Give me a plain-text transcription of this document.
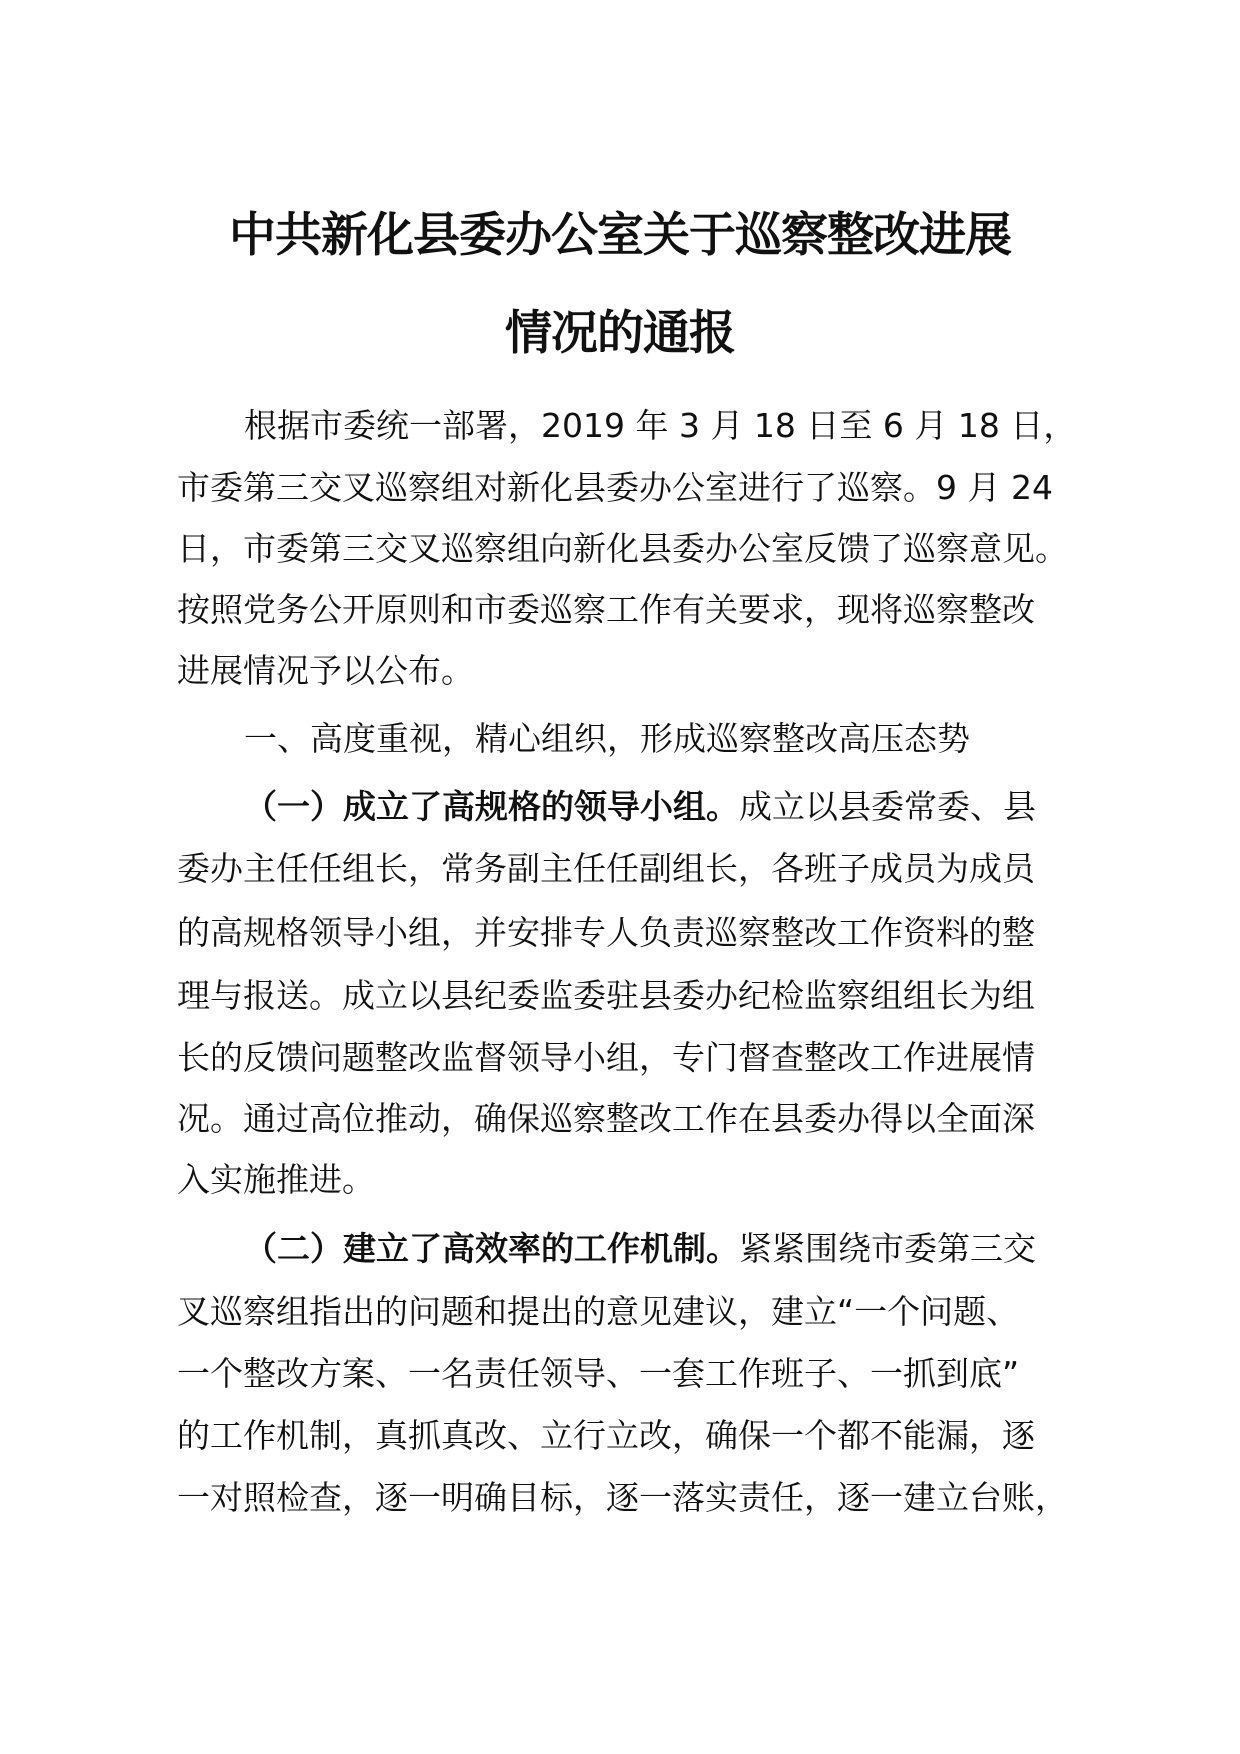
中共新化县委办公室关于巡察整改进展
情况的通报
根据市委统一部署，2019 年 3 月 18 日至 6 月 18 日，
市委第三交叉巡察组对新化县委办公室进行了巡察。9 月 24
日，市委第三交叉巡察组向新化县委办公室反馈了巡察意见。
按照党务公开原则和市委巡察工作有关要求，现将巡察整改
进展情况予以公布。
一、高度重视，精心组织，形成巡察整改高压态势
（一）成立了高规格的领导小组。成立以县委常委、县
委办主任任组长，常务副主任任副组长，各班子成员为成员
的高规格领导小组，并安排专人负责巡察整改工作资料的整
理与报送。成立以县纪委监委驻县委办纪检监察组组长为组
长的反馈问题整改监督领导小组，专门督查整改工作进展情
况。通过高位推动，确保巡察整改工作在县委办得以全面深
入实施推进。
（二）建立了高效率的工作机制。紧紧围绕市委第三交
叉巡察组指出的问题和提出的意见建议，建立“一个问题、
一个整改方案、一名责任领导、一套工作班子、一抓到底”
的工作机制，真抓真改、立行立改，确保一个都不能漏，逐
一对照检查，逐一明确目标，逐一落实责任，逐一建立台账，
